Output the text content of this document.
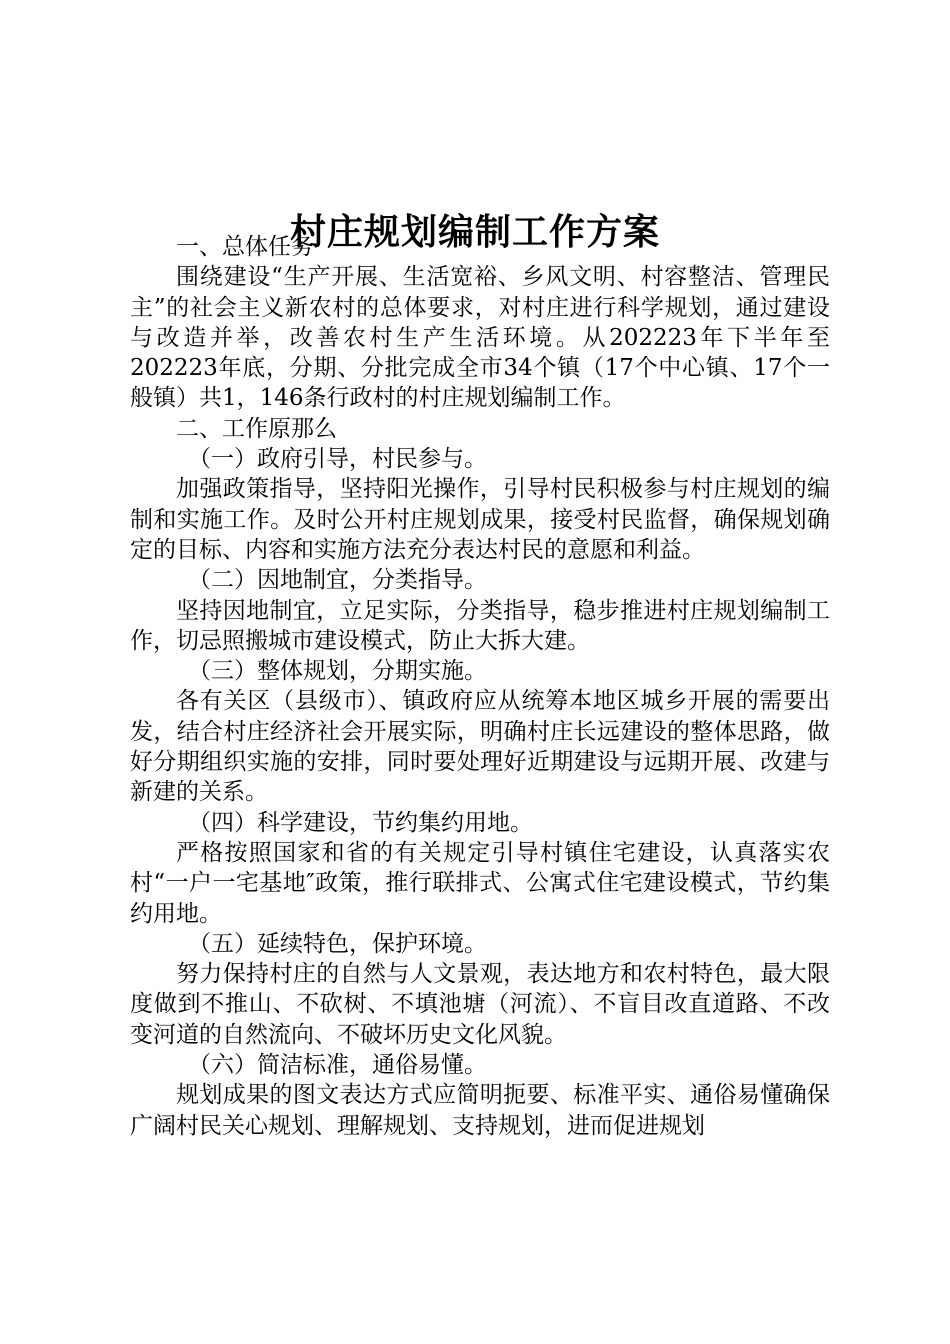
村庄规划编制工作方案

一、总体任务

围绕建设“生产开展、生活宽裕、乡风文明、村容整洁、管理民主”的社会主义新农村的总体要求，对村庄进行科学规划，通过建设与改造并举，改善农村生产生活环境。从202223年下半年至202223年底，分期、分批完成全市34个镇（17个中心镇、17个一般镇）共1，146条行政村的村庄规划编制工作。

二、工作原那么

（一）政府引导，村民参与。

加强政策指导，坚持阳光操作，引导村民积极参与村庄规划的编制和实施工作。及时公开村庄规划成果，接受村民监督，确保规划确定的目标、内容和实施方法充分表达村民的意愿和利益。

（二）因地制宜，分类指导。

坚持因地制宜，立足实际，分类指导，稳步推进村庄规划编制工作，切忌照搬城市建设模式，防止大拆大建。

（三）整体规划，分期实施。

各有关区（县级市）、镇政府应从统筹本地区城乡开展的需要出发，结合村庄经济社会开展实际，明确村庄长远建设的整体思路，做好分期组织实施的安排，同时要处理好近期建设与远期开展、改建与新建的关系。

（四）科学建设，节约集约用地。

严格按照国家和省的有关规定引导村镇住宅建设，认真落实农村“一户一宅基地″政策，推行联排式、公寓式住宅建设模式，节约集约用地。

（五）延续特色，保护环境。

努力保持村庄的自然与人文景观，表达地方和农村特色，最大限度做到不推山、不砍树、不填池塘（河流）、不盲目改直道路、不改变河道的自然流向、不破坏历史文化风貌。

（六）简洁标准，通俗易懂。

规划成果的图文表达方式应简明扼要、标准平实、通俗易懂确保广阔村民关心规划、理解规划、支持规划，进而促进规划
